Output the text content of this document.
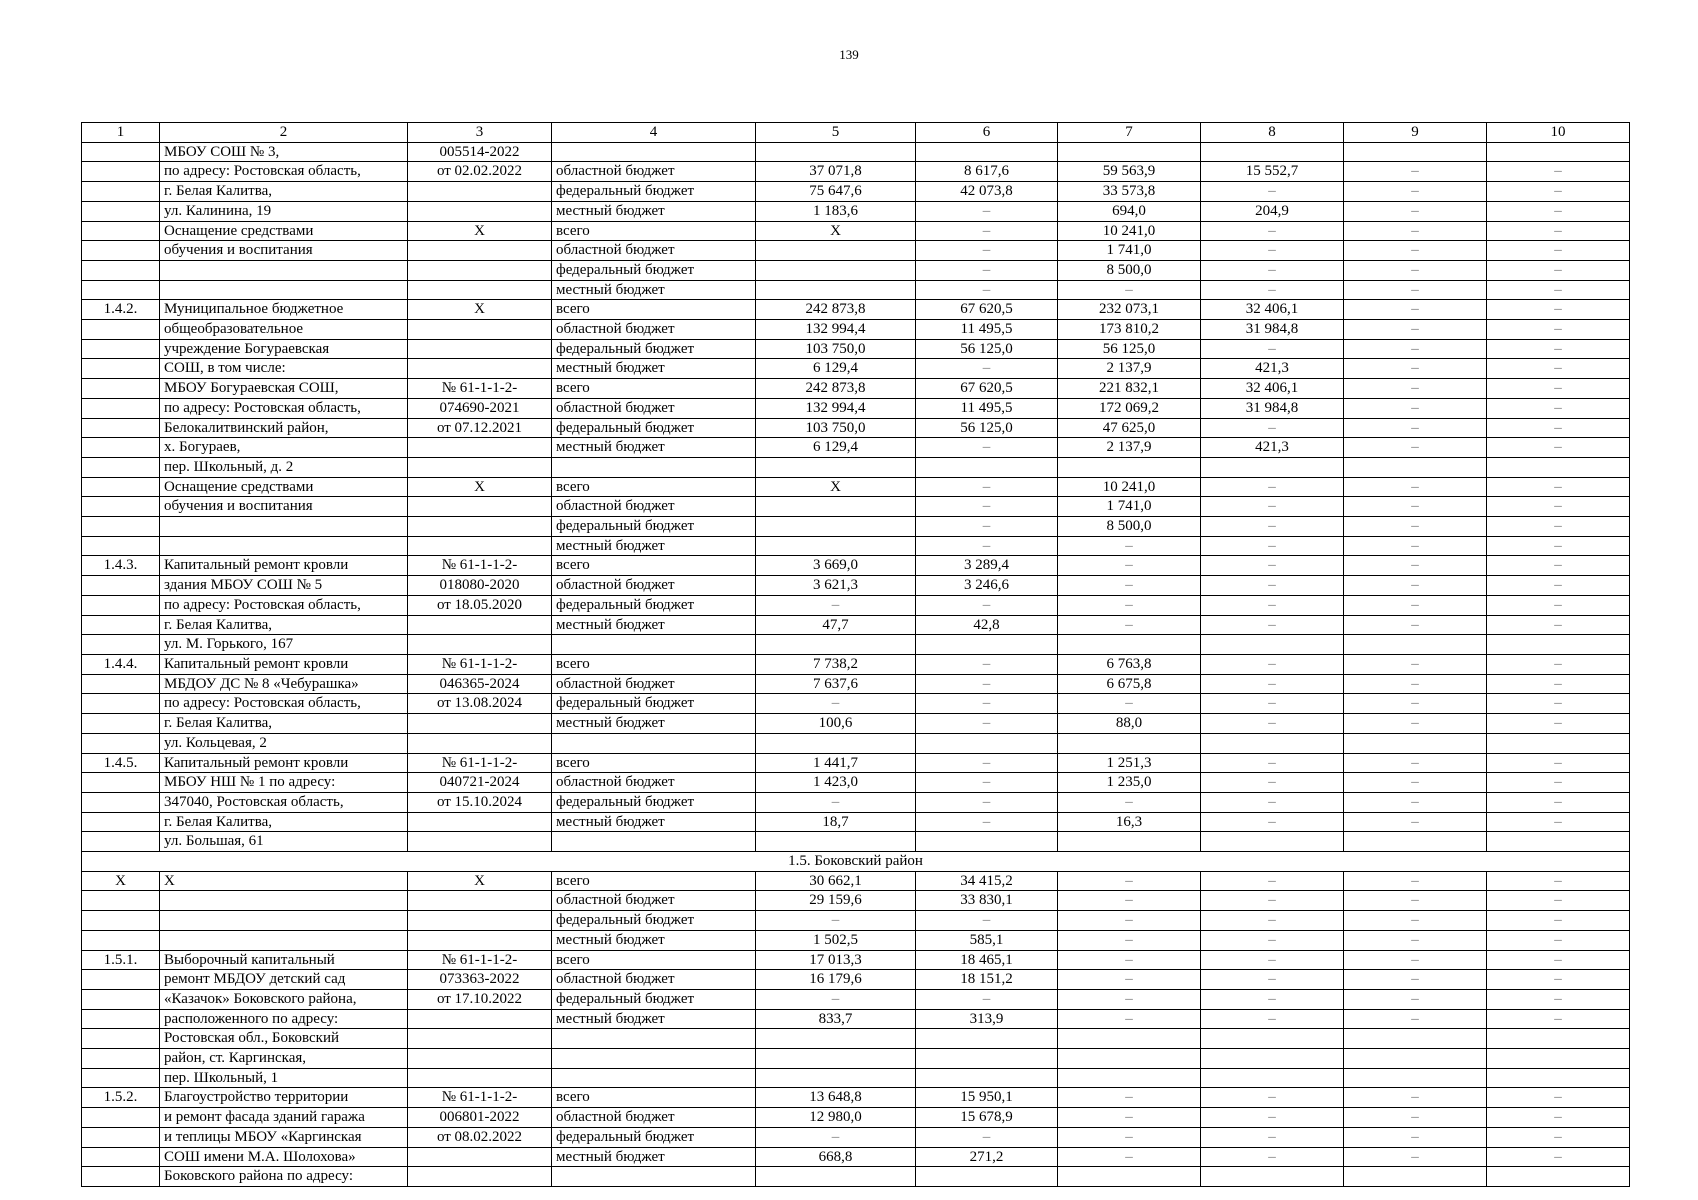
139
1	2	3	4	5	6	7	8	9	10
	МБОУ СОШ № 3,	005514-2022							
	по адресу: Ростовская область,	от 02.02.2022	областной бюджет	37 071,8	8 617,6	59 563,9	15 552,7	–	–
	г. Белая Калитва,		федеральный бюджет	75 647,6	42 073,8	33 573,8	–	–	–
	ул. Калинина, 19		местный бюджет	1 183,6	–	694,0	204,9	–	–
	Оснащение средствами	Х	всего	Х	–	10 241,0	–	–	–
	обучения и воспитания		областной бюджет		–	1 741,0	–	–	–
			федеральный бюджет		–	8 500,0	–	–	–
			местный бюджет		–	–	–	–	–
1.4.2.	Муниципальное бюджетное	Х	всего	242 873,8	67 620,5	232 073,1	32 406,1	–	–
	общеобразовательное		областной бюджет	132 994,4	11 495,5	173 810,2	31 984,8	–	–
	учреждение Богураевская		федеральный бюджет	103 750,0	56 125,0	56 125,0	–	–	–
	СОШ, в том числе:		местный бюджет	6 129,4	–	2 137,9	421,3	–	–
	МБОУ Богураевская СОШ,	№ 61-1-1-2-	всего	242 873,8	67 620,5	221 832,1	32 406,1	–	–
	по адресу: Ростовская область,	074690-2021	областной бюджет	132 994,4	11 495,5	172 069,2	31 984,8	–	–
	Белокалитвинский район,	от 07.12.2021	федеральный бюджет	103 750,0	56 125,0	47 625,0	–	–	–
	х. Богураев,		местный бюджет	6 129,4	–	2 137,9	421,3	–	–
	пер. Школьный, д. 2								
	Оснащение средствами	Х	всего	Х	–	10 241,0	–	–	–
	обучения и воспитания		областной бюджет		–	1 741,0	–	–	–
			федеральный бюджет		–	8 500,0	–	–	–
			местный бюджет		–	–	–	–	–
1.4.3.	Капитальный ремонт кровли	№ 61-1-1-2-	всего	3 669,0	3 289,4	–	–	–	–
	здания МБОУ СОШ № 5	018080-2020	областной бюджет	3 621,3	3 246,6	–	–	–	–
	по адресу: Ростовская область,	от 18.05.2020	федеральный бюджет	–	–	–	–	–	–
	г. Белая Калитва,		местный бюджет	47,7	42,8	–	–	–	–
	ул. М. Горького, 167								
1.4.4.	Капитальный ремонт кровли	№ 61-1-1-2-	всего	7 738,2	–	6 763,8	–	–	–
	МБДОУ ДС № 8 «Чебурашка»	046365-2024	областной бюджет	7 637,6	–	6 675,8	–	–	–
	по адресу: Ростовская область,	от 13.08.2024	федеральный бюджет	–	–	–	–	–	–
	г. Белая Калитва,		местный бюджет	100,6	–	88,0	–	–	–
	ул. Кольцевая, 2								
1.4.5.	Капитальный ремонт кровли	№ 61-1-1-2-	всего	1 441,7	–	1 251,3	–	–	–
	МБОУ НШ № 1 по адресу:	040721-2024	областной бюджет	1 423,0	–	1 235,0	–	–	–
	347040, Ростовская область,	от 15.10.2024	федеральный бюджет	–	–	–	–	–	–
	г. Белая Калитва,		местный бюджет	18,7	–	16,3	–	–	–
	ул. Большая, 61								
1.5. Боковский район									
Х	Х	Х	всего	30 662,1	34 415,2	–	–	–	–
			областной бюджет	29 159,6	33 830,1	–	–	–	–
			федеральный бюджет	–	–	–	–	–	–
			местный бюджет	1 502,5	585,1	–	–	–	–
1.5.1.	Выборочный капитальный	№ 61-1-1-2-	всего	17 013,3	18 465,1	–	–	–	–
	ремонт МБДОУ детский сад	073363-2022	областной бюджет	16 179,6	18 151,2	–	–	–	–
	«Казачок» Боковского района,	от 17.10.2022	федеральный бюджет	–	–	–	–	–	–
	расположенного по адресу:		местный бюджет	833,7	313,9	–	–	–	–
	Ростовская обл., Боковский								
	район, ст. Каргинская,								
	пер. Школьный, 1								
1.5.2.	Благоустройство территории	№ 61-1-1-2-	всего	13 648,8	15 950,1	–	–	–	–
	и ремонт фасада зданий гаража	006801-2022	областной бюджет	12 980,0	15 678,9	–	–	–	–
	и теплицы МБОУ «Каргинская	от 08.02.2022	федеральный бюджет	–	–	–	–	–	–
	СОШ имени М.А. Шолохова»		местный бюджет	668,8	271,2	–	–	–	–
	Боковского района по адресу:								
